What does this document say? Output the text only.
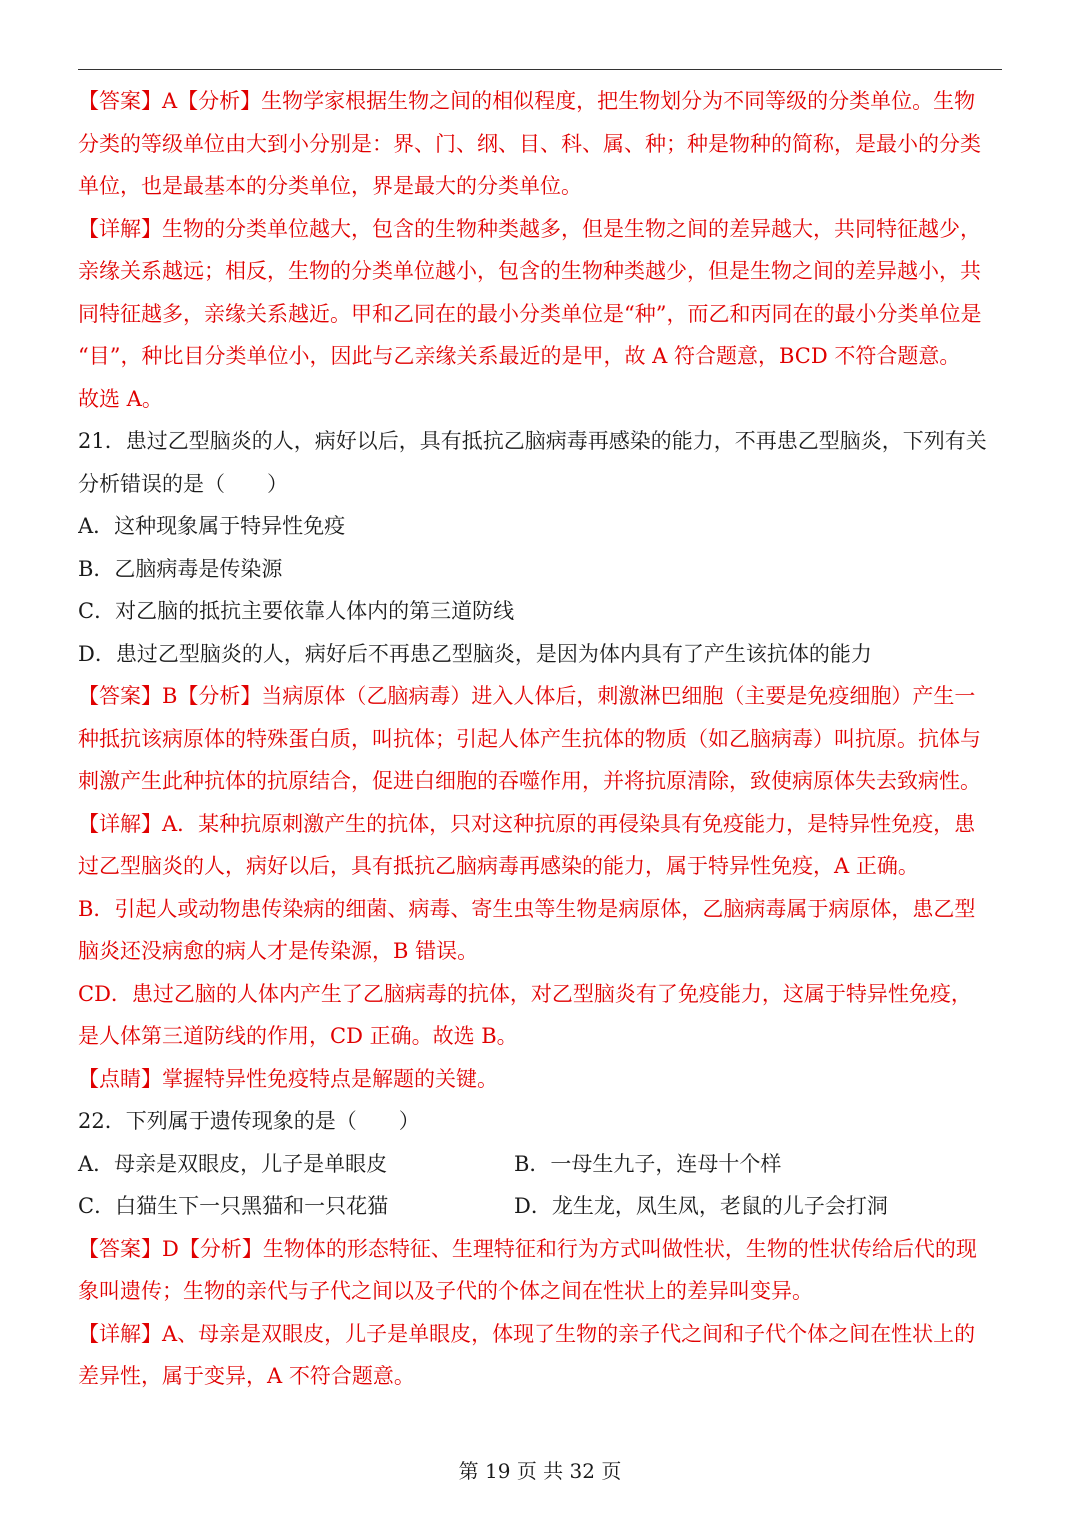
【答案】A【分析】生物学家根据生物之间的相似程度，把生物划分为不同等级的分类单位。生物
分类的等级单位由大到小分别是：界、门、纲、目、科、属、种；种是物种的简称，是最小的分类
单位，也是最基本的分类单位，界是最大的分类单位。
【详解】生物的分类单位越大，包含的生物种类越多，但是生物之间的差异越大，共同特征越少，
亲缘关系越远；相反，生物的分类单位越小，包含的生物种类越少，但是生物之间的差异越小，共
同特征越多，亲缘关系越近。甲和乙同在的最小分类单位是“种”，而乙和丙同在的最小分类单位是
“目”，种比目分类单位小，因此与乙亲缘关系最近的是甲，故 A 符合题意，BCD 不符合题意。
故选 A。
21．患过乙型脑炎的人，病好以后，具有抵抗乙脑病毒再感染的能力，不再患乙型脑炎，下列有关
分析错误的是（　　）
A．这种现象属于特异性免疫
B．乙脑病毒是传染源
C．对乙脑的抵抗主要依靠人体内的第三道防线
D．患过乙型脑炎的人，病好后不再患乙型脑炎，是因为体内具有了产生该抗体的能力
【答案】B【分析】当病原体（乙脑病毒）进入人体后，刺激淋巴细胞（主要是免疫细胞）产生一
种抵抗该病原体的特殊蛋白质，叫抗体；引起人体产生抗体的物质（如乙脑病毒）叫抗原。抗体与
刺激产生此种抗体的抗原结合，促进白细胞的吞噬作用，并将抗原清除，致使病原体失去致病性。
【详解】A．某种抗原刺激产生的抗体，只对这种抗原的再侵染具有免疫能力，是特异性免疫，患
过乙型脑炎的人，病好以后，具有抵抗乙脑病毒再感染的能力，属于特异性免疫，A 正确。
B．引起人或动物患传染病的细菌、病毒、寄生虫等生物是病原体，乙脑病毒属于病原体，患乙型
脑炎还没病愈的病人才是传染源，B 错误。
CD．患过乙脑的人体内产生了乙脑病毒的抗体，对乙型脑炎有了免疫能力，这属于特异性免疫，
是人体第三道防线的作用，CD 正确。故选 B。
【点睛】掌握特异性免疫特点是解题的关键。
22．下列属于遗传现象的是（　　）
A．母亲是双眼皮，儿子是单眼皮	B．一母生九子，连母十个样
C．白猫生下一只黑猫和一只花猫	D．龙生龙，凤生凤，老鼠的儿子会打洞
【答案】D【分析】生物体的形态特征、生理特征和行为方式叫做性状，生物的性状传给后代的现
象叫遗传；生物的亲代与子代之间以及子代的个体之间在性状上的差异叫变异。
【详解】A、母亲是双眼皮，儿子是单眼皮，体现了生物的亲子代之间和子代个体之间在性状上的
差异性，属于变异，A 不符合题意。
第 19 页 共 32 页
